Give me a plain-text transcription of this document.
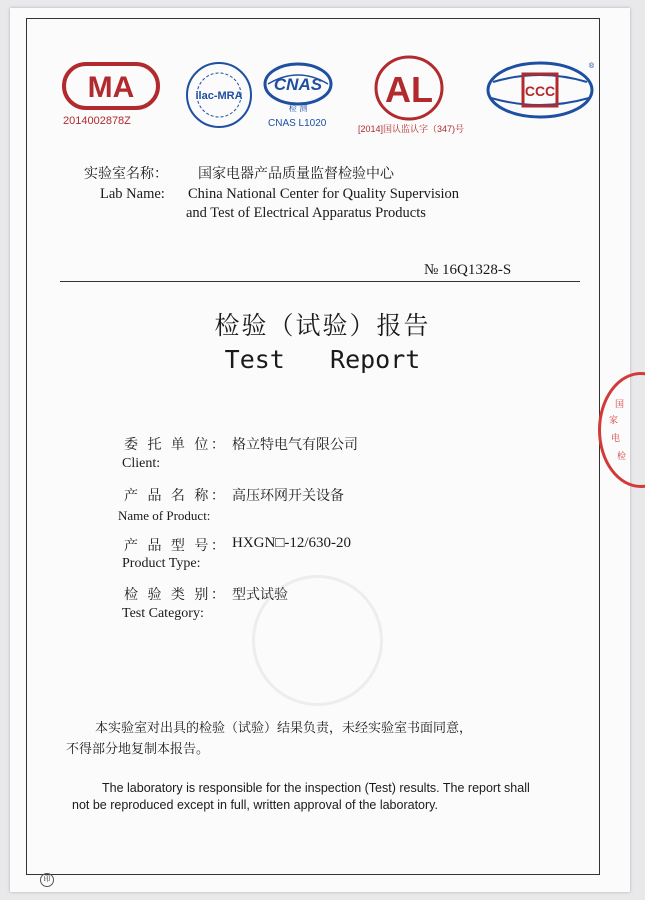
MA
2014002878Z
ilac-MRA
CNAS
检 测
CNAS L1020
AL
[2014]国认监认字（347)号
CCC
®
实验室名称： 国家电器产品质量监督检验中心
Lab Name: China National Center for Quality Supervision
and Test of Electrical Apparatus Products
№ 16Q1328-S
检验（试验）报告
Test   Report
委 托 单 位： 格立特电气有限公司
Client:
产 品 名 称： 高压环网开关设备
Name of Product:
产 品 型 号： HXGN□-12/630-20
Product Type:
检 验 类 别： 型式试验
Test Category:
本实验室对出具的检验（试验）结果负责，未经实验室书面同意，
不得部分地复制本报告。
The laboratory is responsible for the inspection (Test) results. The report shall
not be reproduced except in full, written approval of the laboratory.
国
家
电
检
印
